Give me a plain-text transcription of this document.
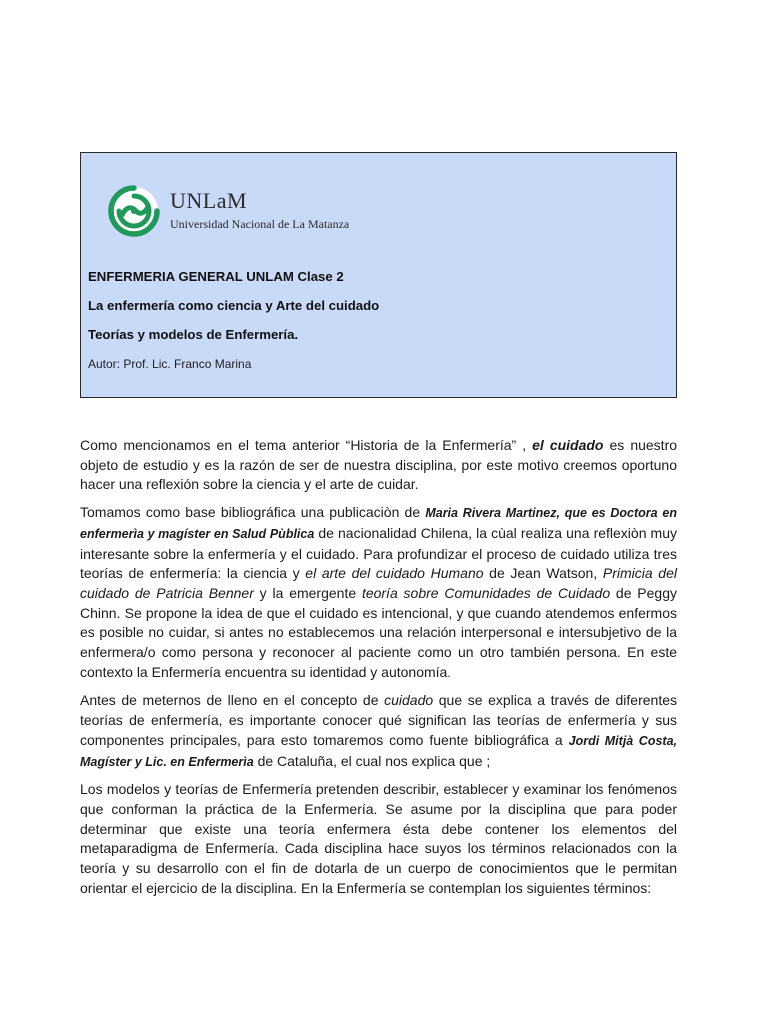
UNLaM
Universidad Nacional de La Matanza
ENFERMERIA GENERAL UNLAM Clase 2
La enfermería como ciencia y Arte del cuidado
Teorías y modelos de Enfermería.
Autor: Prof. Lic. Franco Marina

Como mencionamos en el tema anterior “Historia de la Enfermería” , el cuidado es nuestro objeto de estudio y es la razón de ser de nuestra disciplina, por este motivo creemos oportuno hacer una reflexión sobre la ciencia y el arte de cuidar.

Tomamos como base bibliográfica una publicaciòn de Maria Rivera Martinez, que es Doctora en enfermerìa y magíster en Salud Pùblica de nacionalidad Chilena, la cùal realiza una reflexiòn muy interesante sobre la enfermería y el cuidado. Para profundizar el proceso de cuidado utiliza tres teorías de enfermería: la ciencia y el arte del cuidado Humano de Jean Watson, Primicia del cuidado de Patricia Benner y la emergente teoría sobre Comunidades de Cuidado de Peggy Chinn. Se propone la idea de que el cuidado es intencional, y que cuando atendemos enfermos es posible no cuidar, si antes no establecemos una relación interpersonal e intersubjetivo de la enfermera/o como persona y reconocer al paciente como un otro también persona. En este contexto la Enfermería encuentra su identidad y autonomía.

Antes de meternos de lleno en el concepto de cuidado que se explica a través de diferentes teorías de enfermería, es importante conocer qué significan las teorías de enfermería y sus componentes principales, para esto tomaremos como fuente bibliográfica a Jordi Mitjà Costa, Magíster y Lic. en Enfermerìa de Cataluña, el cual nos explica que ;

Los modelos y teorías de Enfermería pretenden describir, establecer y examinar los fenómenos que conforman la práctica de la Enfermería. Se asume por la disciplina que para poder determinar que existe una teoría enfermera ésta debe contener los elementos del metaparadigma de Enfermería. Cada disciplina hace suyos los términos relacionados con la teoría y su desarrollo con el fin de dotarla de un cuerpo de conocimientos que le permitan orientar el ejercicio de la disciplina. En la Enfermería se contemplan los siguientes términos:
